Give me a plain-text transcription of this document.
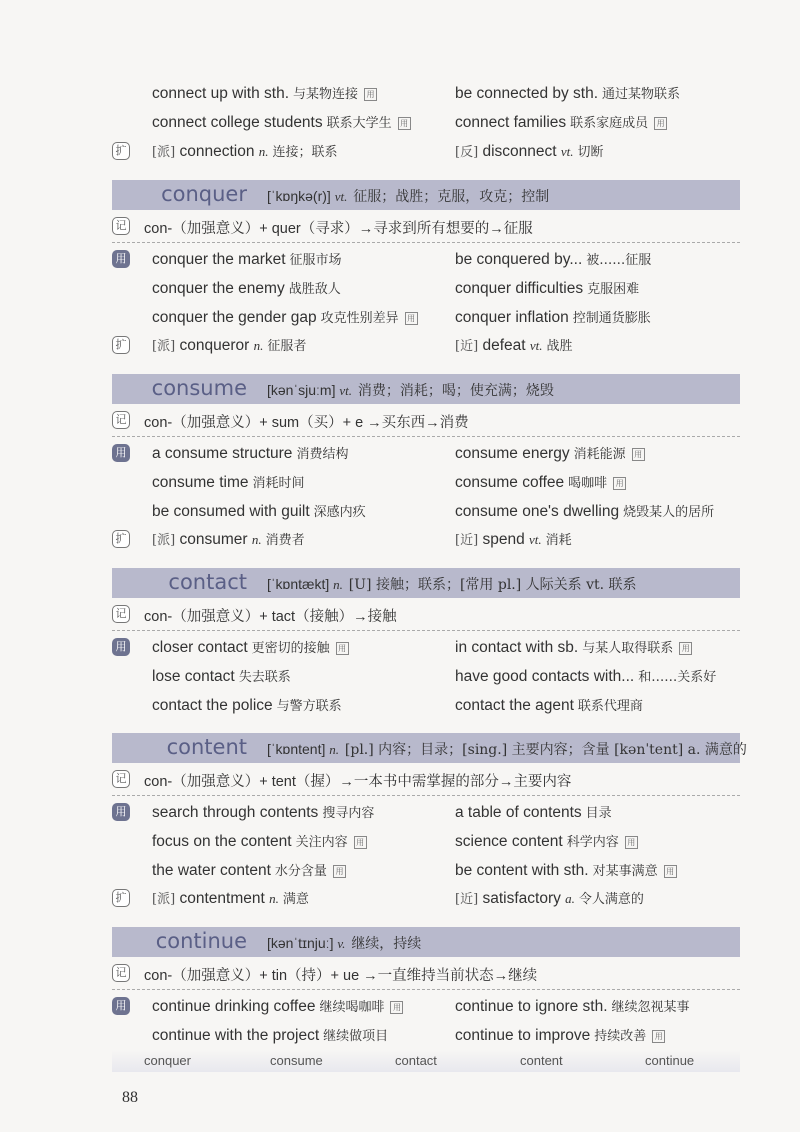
connect up with sth. 与某物连接 用	be connected by sth. 通过某物联系
connect college students 联系大学生 用	connect families 联系家庭成员 用
扩 [派] connection n. 连接；联系	[反] disconnect vt. 切断
conquer [ˈkɒŋkə(r)] vt. 征服；战胜；克服，攻克；控制
记 con-（加强意义）+ quer（寻求）→寻求到所有想要的→征服
用 conquer the market 征服市场	be conquered by... 被……征服
conquer the enemy 战胜敌人	conquer difficulties 克服困难
conquer the gender gap 攻克性别差异 用	conquer inflation 控制通货膨胀
扩 [派] conqueror n. 征服者	[近] defeat vt. 战胜
consume [kənˈsjuːm] vt. 消费；消耗；喝；使充满；烧毁
记 con-（加强意义）+ sum（买）+ e →买东西→消费
用 a consume structure 消费结构	consume energy 消耗能源 用
consume time 消耗时间	consume coffee 喝咖啡 用
be consumed with guilt 深感内疚	consume one's dwelling 烧毁某人的居所
扩 [派] consumer n. 消费者	[近] spend vt. 消耗
contact [ˈkɒntækt] n. [U] 接触；联系；[常用 pl.] 人际关系 vt. 联系
记 con-（加强意义）+ tact（接触）→接触
用 closer contact 更密切的接触 用	in contact with sb. 与某人取得联系 用
lose contact 失去联系	have good contacts with... 和……关系好
contact the police 与警方联系	contact the agent 联系代理商
content [ˈkɒntent] n. [pl.] 内容；目录；[sing.] 主要内容；含量 [kənˈtent] a. 满意的
记 con-（加强意义）+ tent（握）→一本书中需掌握的部分→主要内容
用 search through contents 搜寻内容	a table of contents 目录
focus on the content 关注内容 用	science content 科学内容 用
the water content 水分含量 用	be content with sth. 对某事满意 用
扩 [派] contentment n. 满意	[近] satisfactory a. 令人满意的
continue [kənˈtɪnjuː] v. 继续，持续
记 con-（加强意义）+ tin（持）+ ue →一直维持当前状态→继续
用 continue drinking coffee 继续喝咖啡 用	continue to ignore sth. 继续忽视某事
continue with the project 继续做项目	continue to improve 持续改善 用
conquer	consume	contact	content	continue
88
